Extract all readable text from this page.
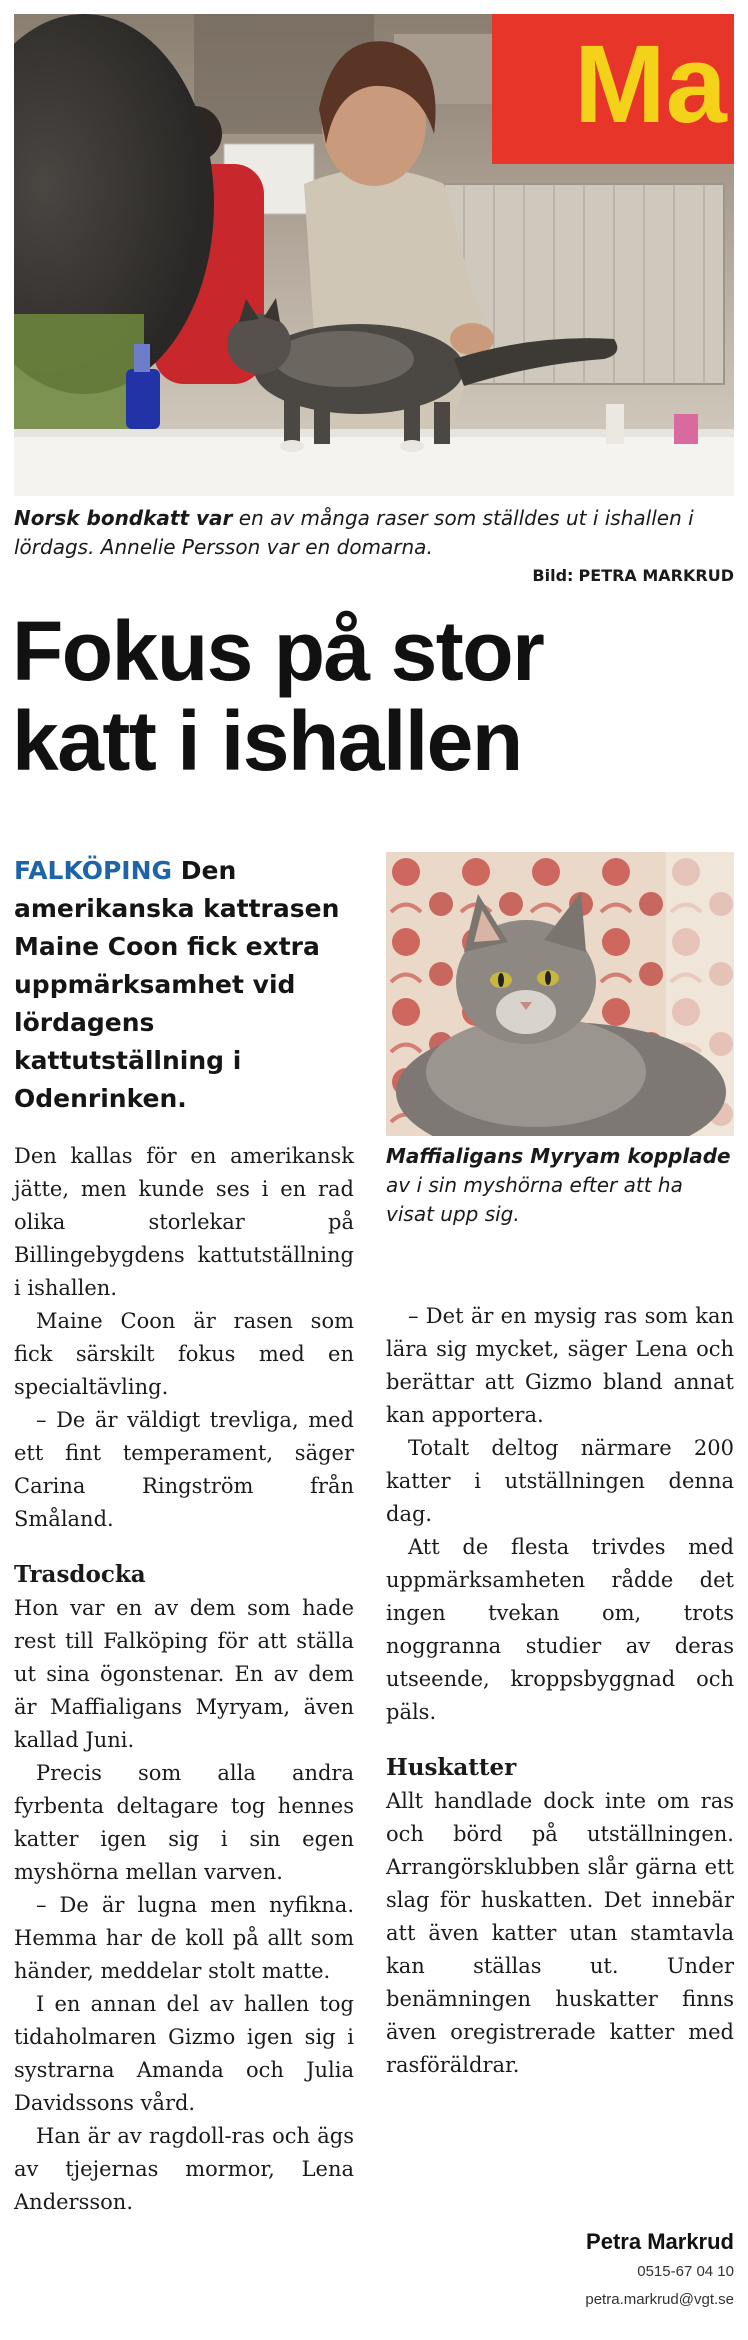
Ma
Norsk bondkatt var en av många raser som ställdes ut i ishallen i lördags. Annelie Persson var en domarna.
Bild: PETRA MARKRUD
Fokus på stor
katt i ishallen
FALKÖPING Den amerikanska kattrasen Maine Coon fick extra uppmärksamhet vid lördagens kattutställning i Odenrinken.
Maffialigans Myryam kopplade av i sin myshörna efter att ha visat upp sig.

Den kallas för en amerikansk jätte, men kunde ses i en rad olika storlekar på Billingebygdens kattutställning i ishallen.

Maine Coon är rasen som fick särskilt fokus med en specialtävling.

– De är väldigt trevliga, med ett fint temperament, säger Carina Ringström från Småland.

Trasdocka

Hon var en av dem som hade rest till Falköping för att ställa ut sina ögonstenar. En av dem är Maffialigans Myryam, även kallad Juni.

Precis som alla andra fyrbenta deltagare tog hennes katter igen sig i sin egen myshörna mellan varven.

– De är lugna men nyfikna. Hemma har de koll på allt som händer, meddelar stolt matte.

I en annan del av hallen tog tidaholmaren Gizmo igen sig i systrarna Amanda och Julia Davidssons vård.

Han är av ragdoll-ras och ägs av tjejernas mormor, Lena Andersson.

– Det är en mysig ras som kan lära sig mycket, säger Lena och berättar att Gizmo bland annat kan apportera.

Totalt deltog närmare 200 katter i utställningen denna dag.

Att de flesta trivdes med uppmärksamheten rådde det ingen tvekan om, trots noggranna studier av deras utseende, kroppsbyggnad och päls.

Huskatter

Allt handlade dock inte om ras och börd på utställningen. Arrangörsklubben slår gärna ett slag för huskatten. Det innebär att även katter utan stamtavla kan ställas ut. Under benämningen huskatter finns även oregistrerade katter med rasföräldrar.

Petra Markrud
0515-67 04 10
petra.markrud@vgt.se
